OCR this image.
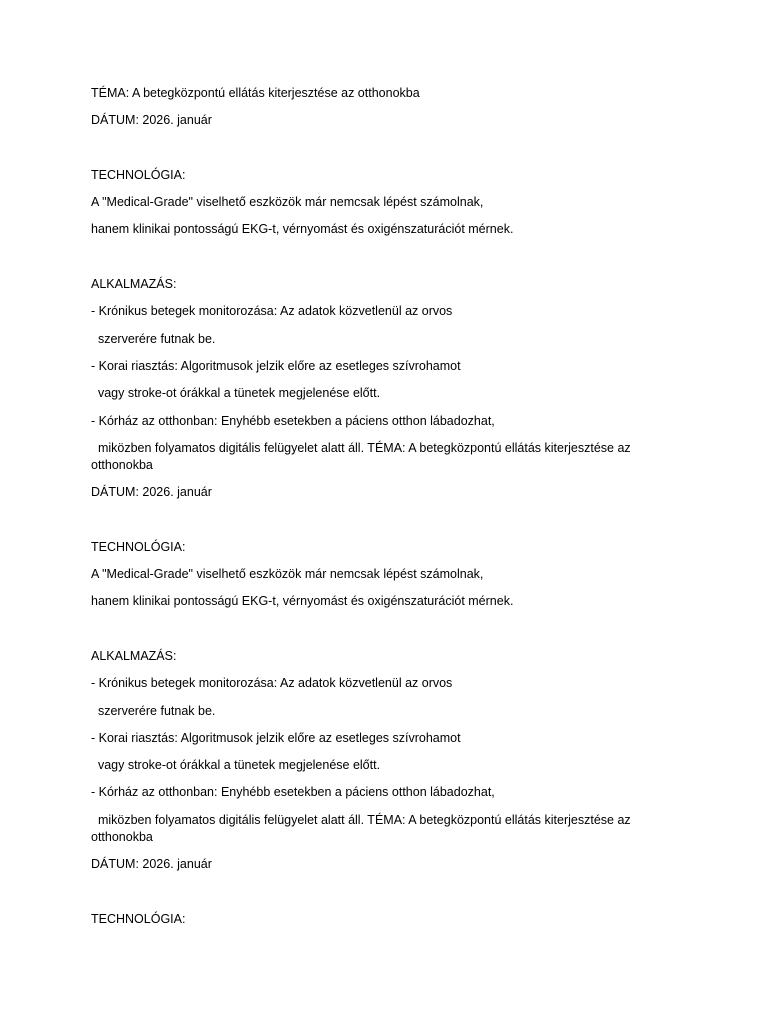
TÉMA: A betegközpontú ellátás kiterjesztése az otthonokba
DÁTUM: 2026. január
TECHNOLÓGIA:
A "Medical-Grade" viselhető eszközök már nemcsak lépést számolnak,
hanem klinikai pontosságú EKG-t, vérnyomást és oxigénszaturációt mérnek.
ALKALMAZÁS:
- Krónikus betegek monitorozása: Az adatok közvetlenül az orvos
szerverére futnak be.
- Korai riasztás: Algoritmusok jelzik előre az esetleges szívrohamot
vagy stroke-ot órákkal a tünetek megjelenése előtt.
- Kórház az otthonban: Enyhébb esetekben a páciens otthon lábadozhat,
miközben folyamatos digitális felügyelet alatt áll. TÉMA: A betegközpontú ellátás kiterjesztése az otthonokba
DÁTUM: 2026. január
TECHNOLÓGIA:
A "Medical-Grade" viselhető eszközök már nemcsak lépést számolnak,
hanem klinikai pontosságú EKG-t, vérnyomást és oxigénszaturációt mérnek.
ALKALMAZÁS:
- Krónikus betegek monitorozása: Az adatok közvetlenül az orvos
szerverére futnak be.
- Korai riasztás: Algoritmusok jelzik előre az esetleges szívrohamot
vagy stroke-ot órákkal a tünetek megjelenése előtt.
- Kórház az otthonban: Enyhébb esetekben a páciens otthon lábadozhat,
miközben folyamatos digitális felügyelet alatt áll. TÉMA: A betegközpontú ellátás kiterjesztése az otthonokba
DÁTUM: 2026. január
TECHNOLÓGIA:
